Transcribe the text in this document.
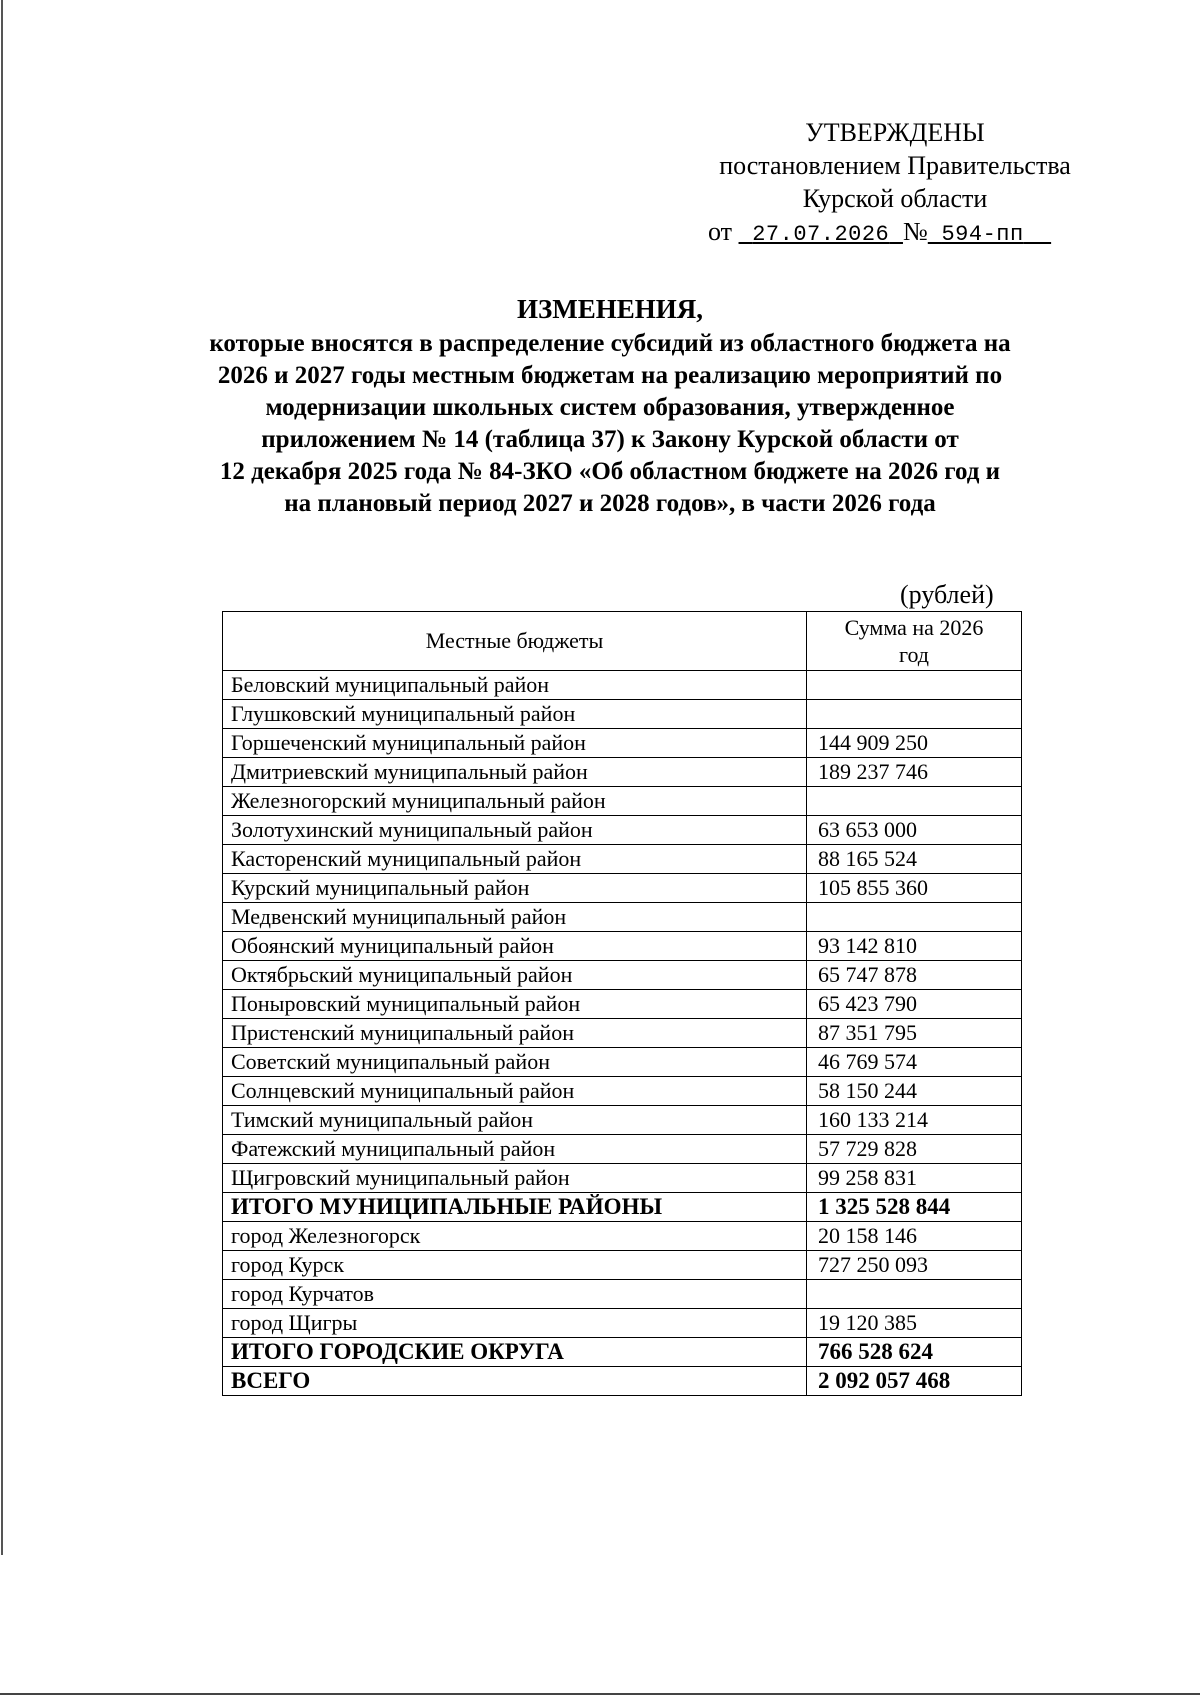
УТВЕРЖДЕНЫ
постановлением Правительства
Курской области
от 27.07.2026 № 594-пп
ИЗМЕНЕНИЯ,
которые вносятся в распределение субсидий из областного бюджета на
2026 и 2027 годы местным бюджетам на реализацию мероприятий по
модернизации школьных систем образования, утвержденное
приложением № 14 (таблица 37) к Закону Курской области от
12 декабря 2025 года № 84-ЗКО «Об областном бюджете на 2026 год и
на плановый период 2027 и 2028 годов», в части 2026 года
(рублей)
Местные бюджеты	Сумма на 2026
год
Беловский муниципальный район	
Глушковский муниципальный район	
Горшеченский муниципальный район	144 909 250
Дмитриевский муниципальный район	189 237 746
Железногорский муниципальный район	
Золотухинский муниципальный район	63 653 000
Касторенский муниципальный район	88 165 524
Курский муниципальный район	105 855 360
Медвенский муниципальный район	
Обоянский муниципальный район	93 142 810
Октябрьский муниципальный район	65 747 878
Поныровский муниципальный район	65 423 790
Пристенский муниципальный район	87 351 795
Советский муниципальный район	46 769 574
Солнцевский муниципальный район	58 150 244
Тимский муниципальный район	160 133 214
Фатежский муниципальный район	57 729 828
Щигровский муниципальный район	99 258 831
ИТОГО МУНИЦИПАЛЬНЫЕ РАЙОНЫ	1 325 528 844
город Железногорск	20 158 146
город Курск	727 250 093
город Курчатов	
город Щигры	19 120 385
ИТОГО ГОРОДСКИЕ ОКРУГА	766 528 624
ВСЕГО	2 092 057 468
